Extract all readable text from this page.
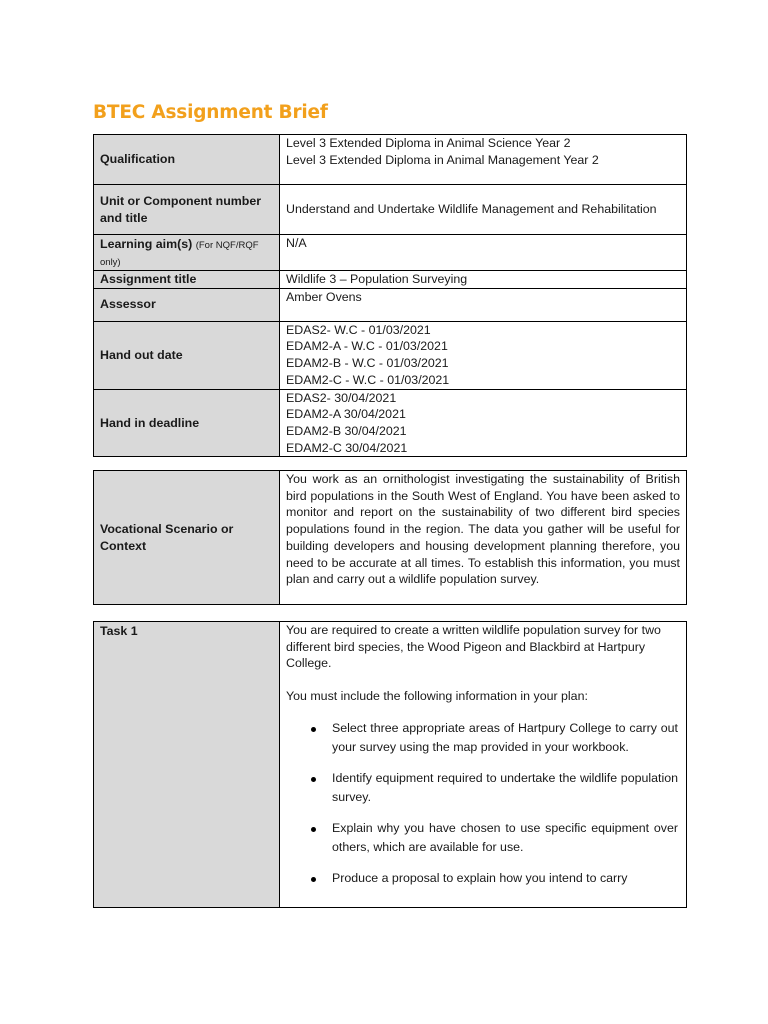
BTEC Assignment Brief
Qualification	Level 3 Extended Diploma in Animal Science Year 2
Level 3 Extended Diploma in Animal Management Year 2

Unit or Component number and title	Understand and Undertake Wildlife Management and Rehabilitation
Learning aim(s) (For NQF/RQF only)	N/A
Assignment title	Wildlife 3 – Population Surveying
Assessor	Amber Ovens
Hand out date	EDAS2- W.C - 01/03/2021
EDAM2-A - W.C - 01/03/2021
EDAM2-B - W.C - 01/03/2021
EDAM2-C - W.C - 01/03/2021

Hand in deadline	EDAS2- 30/04/2021
EDAM2-A 30/04/2021
EDAM2-B 30/04/2021
EDAM2-C 30/04/2021
Vocational Scenario or Context	You work as an ornithologist investigating the sustainability of British bird populations in the South West of England. You have been asked to monitor and report on the sustainability of two different bird species populations found in the region. The data you gather will be useful for building developers and housing development planning therefore, you need to be accurate at all times. To establish this information, you must plan and carry out a wildlife population survey.
Task 1	You are required to create a written wildlife population survey for two different bird species, the Wood Pigeon and Blackbird at Hartpury College.

You must include the following information in your plan:

Select three appropriate areas of Hartpury College to carry out your survey using the map provided in your workbook.
Identify equipment required to undertake the wildlife population survey.
Explain why you have chosen to use specific equipment over others, which are available for use.
Produce a proposal to explain how you intend to carry
